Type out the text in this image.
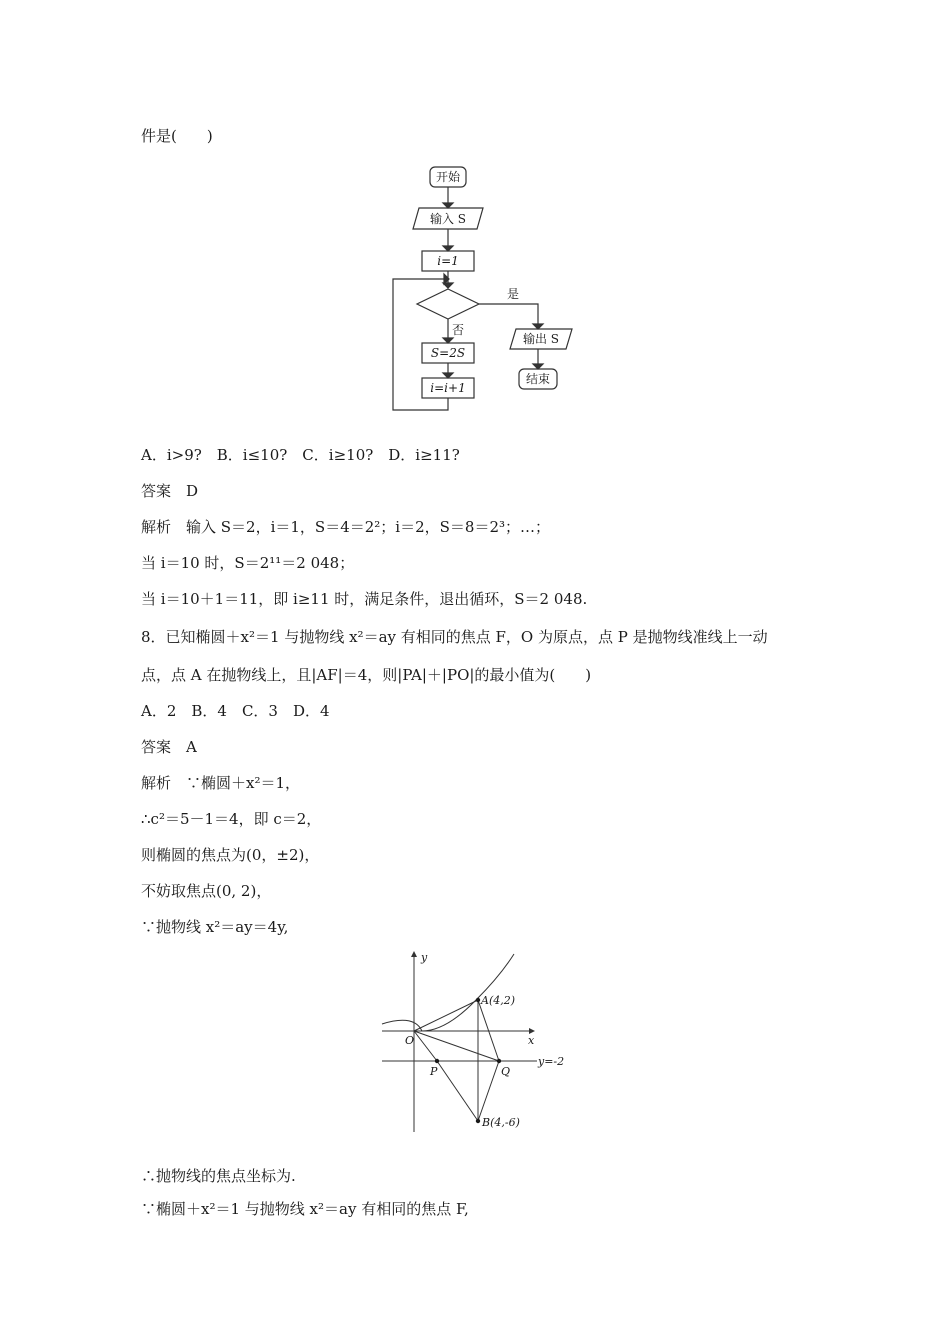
件是(　　)
开始
输入 S
i=1
是
否
输出 S
S=2S
i=i+1
结束
A．i>9?　B．i≤10?　C．i≥10?　D．i≥11?
答案　D
解析　输入 S＝2，i＝1，S＝4＝2²；i＝2，S＝8＝2³；…；
当 i＝10 时，S＝2¹¹＝2 048；
当 i＝10＋1＝11，即 i≥11 时，满足条件，退出循环，S＝2 048.
8．已知椭圆＋x²＝1 与抛物线 x²＝ay 有相同的焦点 F，O 为原点，点 P 是抛物线准线上一动
点，点 A 在抛物线上，且|AF|＝4，则|PA|＋|PO|的最小值为(　　)
A．2　B．4　C．3　D．4
答案　A
解析　∵椭圆＋x²＝1，
∴c²＝5－1＝4，即 c＝2，
则椭圆的焦点为(0，±2)，
不妨取焦点(0, 2)，
∵抛物线 x²＝ay＝4y,
y
x
O
A(4,2)
P	Q
B(4,-6)
y=-2
∴抛物线的焦点坐标为.
∵椭圆＋x²＝1 与抛物线 x²＝ay 有相同的焦点 F,
